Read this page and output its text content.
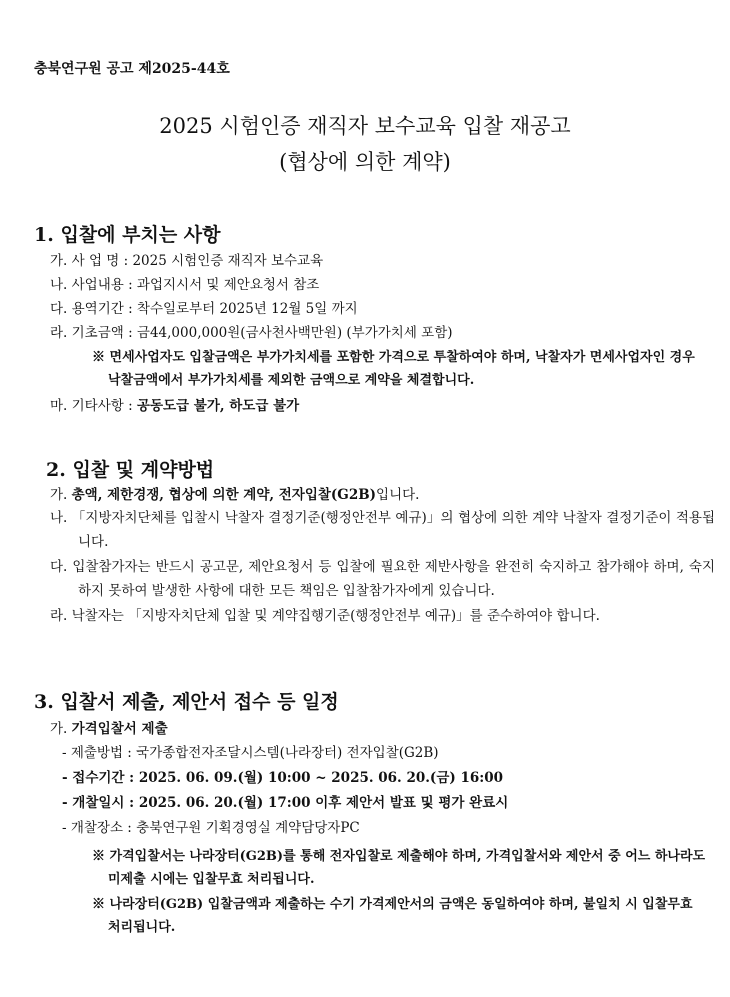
충북연구원 공고 제2025-44호
2025 시험인증 재직자 보수교육 입찰 재공고
(협상에 의한 계약)
1. 입찰에 부치는 사항
가. 사 업 명 : 2025 시험인증 재직자 보수교육
나. 사업내용 : 과업지시서 및 제안요청서 참조
다. 용역기간 : 착수일로부터 2025년 12월 5일 까지
라. 기초금액 : 금44,000,000원(금사천사백만원) (부가가치세 포함)
※ 면세사업자도 입찰금액은 부가가치세를 포함한 가격으로 투찰하여야 하며, 낙찰자가 면세사업자인 경우 낙찰금액에서 부가가치세를 제외한 금액으로 계약을 체결합니다.
마. 기타사항 : 공동도급 불가, 하도급 불가
2. 입찰 및 계약방법
가. 총액, 제한경쟁, 협상에 의한 계약, 전자입찰(G2B)입니다.
나. 「지방자치단체를 입찰시 낙찰자 결정기준(행정안전부 예규)」의 협상에 의한 계약 낙찰자 결정기준이 적용됩니다.
다. 입찰참가자는 반드시 공고문, 제안요청서 등 입찰에 필요한 제반사항을 완전히 숙지하고 참가해야 하며, 숙지하지 못하여 발생한 사항에 대한 모든 책임은 입찰참가자에게 있습니다.
라. 낙찰자는 「지방자치단체 입찰 및 계약집행기준(행정안전부 예규)」를 준수하여야 합니다.
3. 입찰서 제출, 제안서 접수 등 일정
가. 가격입찰서 제출
- 제출방법 : 국가종합전자조달시스템(나라장터) 전자입찰(G2B)
- 접수기간 : 2025. 06. 09.(월) 10:00 ~ 2025. 06. 20.(금) 16:00
- 개찰일시 : 2025. 06. 20.(월) 17:00 이후 제안서 발표 및 평가 완료시
- 개찰장소 : 충북연구원 기획경영실 계약담당자PC
※ 가격입찰서는 나라장터(G2B)를 통해 전자입찰로 제출해야 하며, 가격입찰서와 제안서 중 어느 하나라도 미제출 시에는 입찰무효 처리됩니다.
※ 나라장터(G2B) 입찰금액과 제출하는 수기 가격제안서의 금액은 동일하여야 하며, 불일치 시 입찰무효 처리됩니다.
